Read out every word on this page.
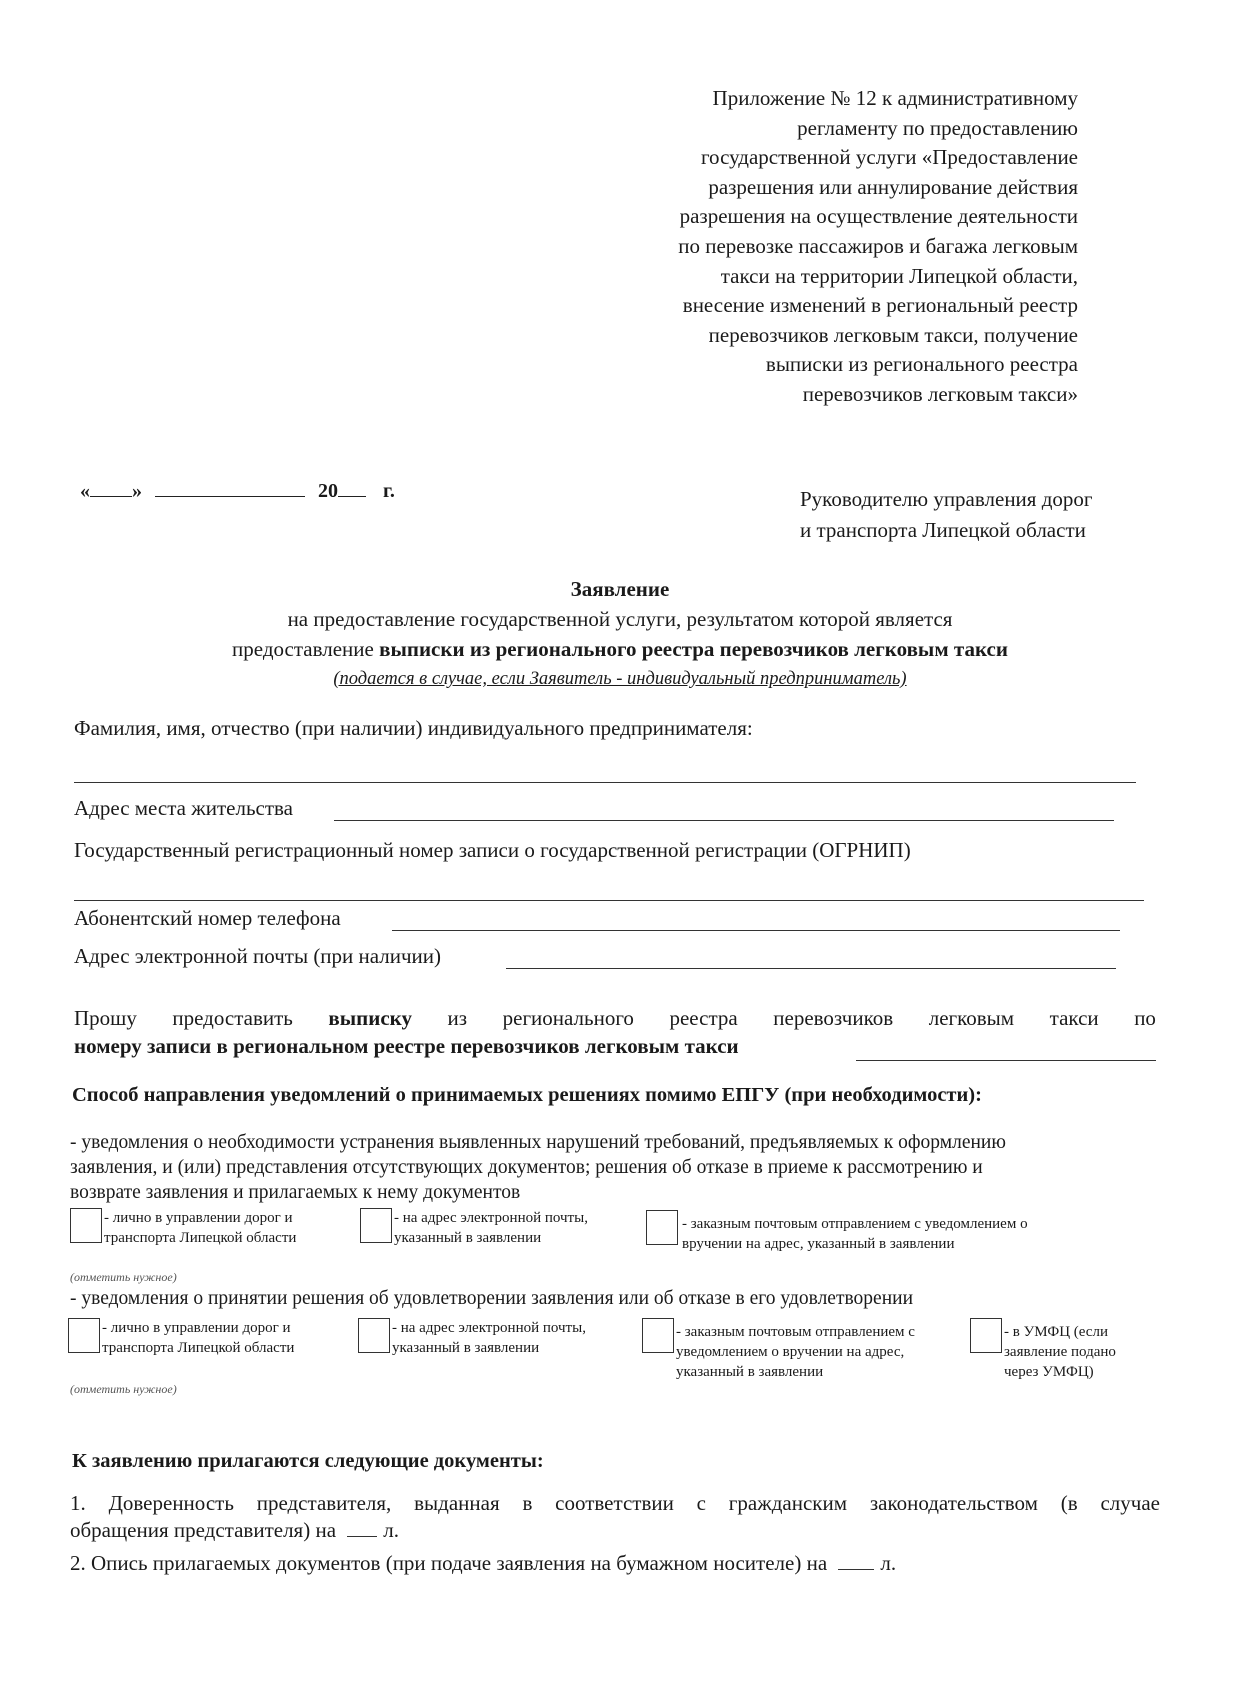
Приложение № 12 к административному
регламенту по предоставлению
государственной услуги «Предоставление
разрешения или аннулирование действия
разрешения на осуществление деятельности
по перевозке пассажиров и багажа легковым
такси на территории Липецкой области,
внесение изменений в региональный реестр
перевозчиков легковым такси, получение
выписки из регионального реестра
перевозчиков легковым такси»
« »	20 г.	Руководителю управления дорог
и транспорта Липецкой области
Заявление
на предоставление государственной услуги, результатом которой является
предоставление выписки из регионального реестра перевозчиков легковым такси
(подается в случае, если Заявитель - индивидуальный предприниматель)
Фамилия, имя, отчество (при наличии) индивидуального предпринимателя:
Адрес места жительства
Государственный регистрационный номер записи о государственной регистрации (ОГРНИП)
Абонентский номер телефона
Адрес электронной почты (при наличии)
Прошу предоставить выписку из регионального реестра перевозчиков легковым такси по
номеру записи в региональном реестре перевозчиков легковым такси
Способ направления уведомлений о принимаемых решениях помимо ЕПГУ (при необходимости):
- уведомления о необходимости устранения выявленных нарушений требований, предъявляемых к оформлению
заявления, и (или) представления отсутствующих документов; решения об отказе в приеме к рассмотрению и
возврате заявления и прилагаемых к нему документов
- лично в управлении дорог и
транспорта Липецкой области
- на адрес электронной почты,
указанный в заявлении
- заказным почтовым отправлением с уведомлением о
вручении на адрес, указанный в заявлении
(отметить нужное)
- уведомления о принятии решения об удовлетворении заявления или об отказе в его удовлетворении
- лично в управлении дорог и
транспорта Липецкой области
- на адрес электронной почты,
указанный в заявлении
- заказным почтовым отправлением с
уведомлением о вручении на адрес,
указанный в заявлении
- в УМФЦ (если
заявление подано
через УМФЦ)
(отметить нужное)
К заявлению прилагаются следующие документы:
1. Доверенность представителя, выданная в соответствии с гражданским законодательством (в случае
обращения представителя) на л.
2. Опись прилагаемых документов (при подаче заявления на бумажном носителе) на	л.
